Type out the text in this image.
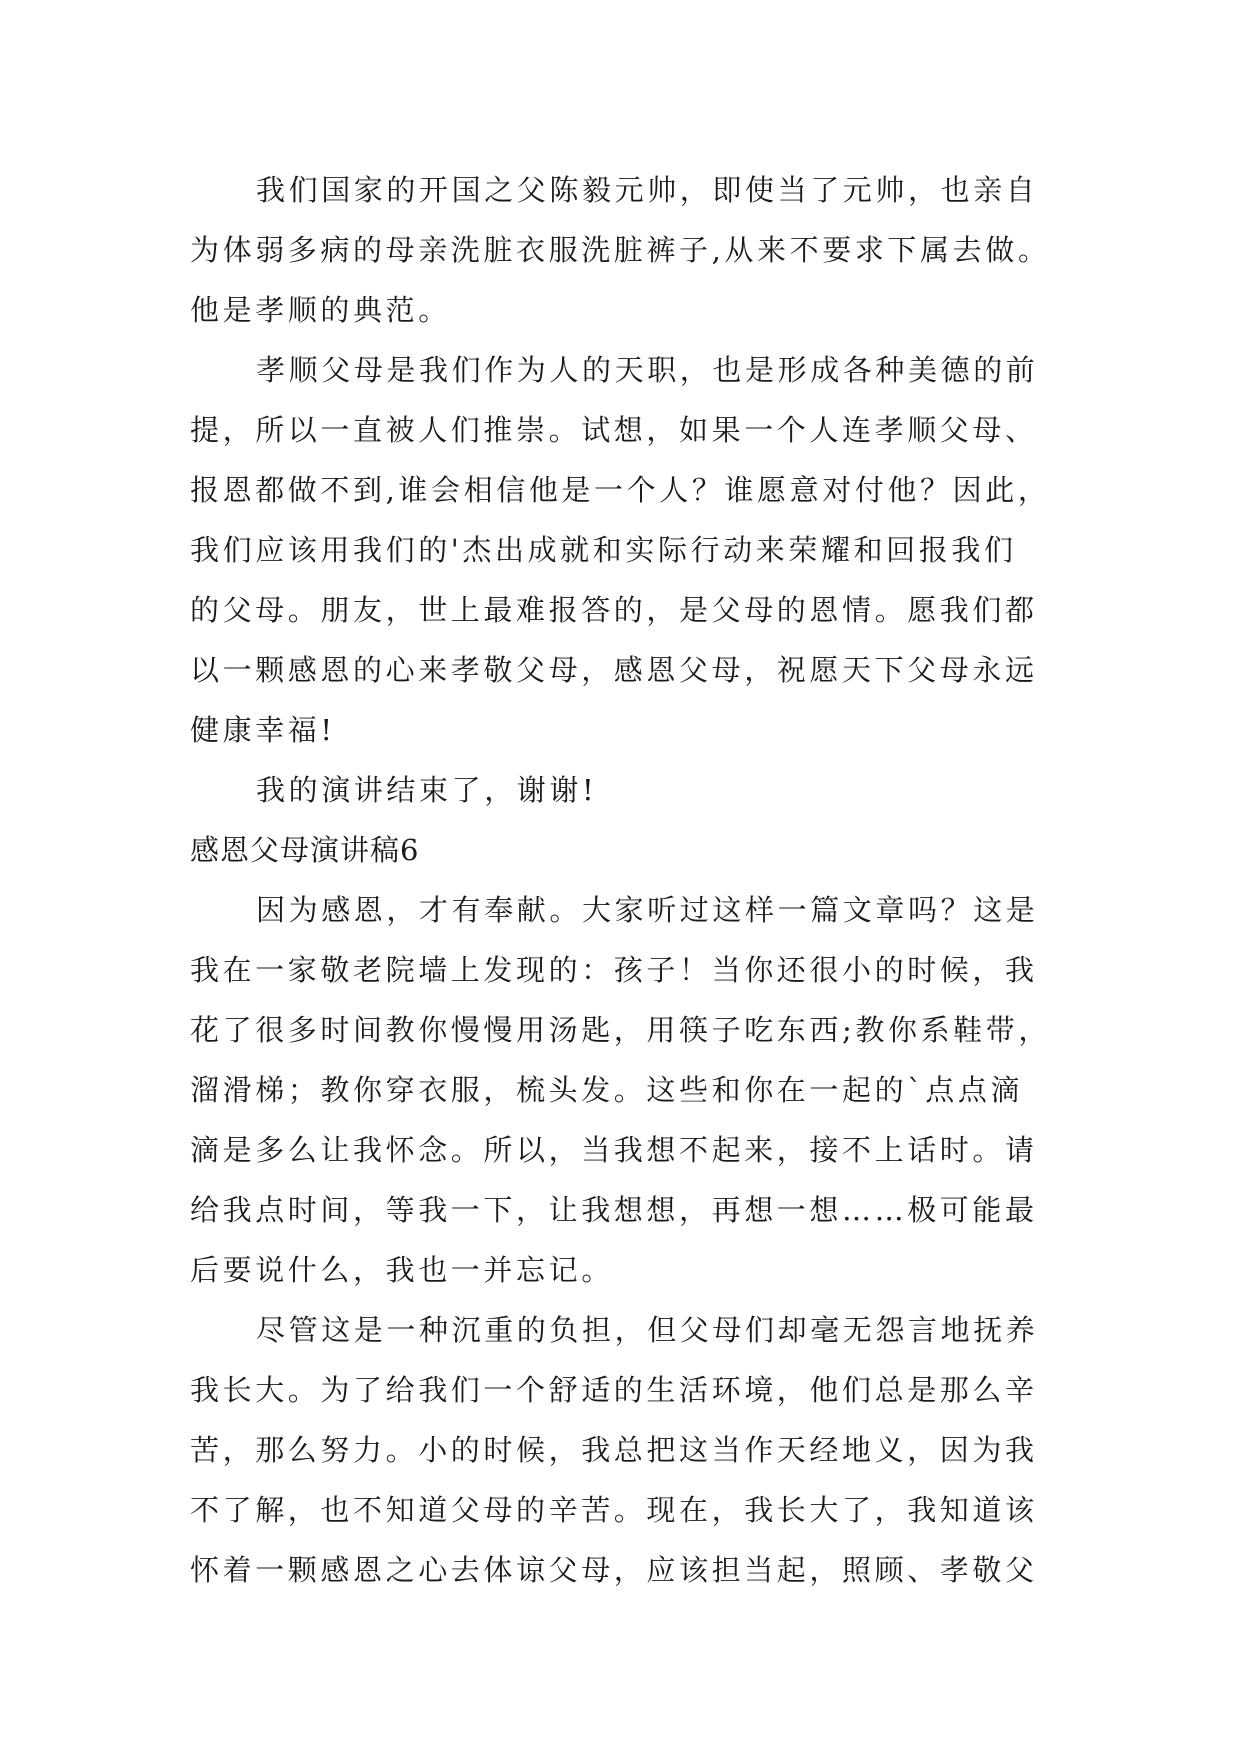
我们国家的开国之父陈毅元帅，即使当了元帅，也亲自
为体弱多病的母亲洗脏衣服洗脏裤子,从来不要求下属去做。
他是孝顺的典范。
孝顺父母是我们作为人的天职，也是形成各种美德的前
提，所以一直被人们推崇。试想，如果一个人连孝顺父母、
报恩都做不到,谁会相信他是一个人？谁愿意对付他？因此，
我们应该用我们的'杰出成就和实际行动来荣耀和回报我们
的父母。朋友，世上最难报答的，是父母的恩情。愿我们都
以一颗感恩的心来孝敬父母，感恩父母，祝愿天下父母永远
健康幸福!
我的演讲结束了，谢谢!
感恩父母演讲稿6
因为感恩，才有奉献。大家听过这样一篇文章吗？这是
我在一家敬老院墙上发现的：孩子！当你还很小的时候，我
花了很多时间教你慢慢用汤匙，用筷子吃东西;教你系鞋带，
溜滑梯；教你穿衣服，梳头发。这些和你在一起的`点点滴
滴是多么让我怀念。所以，当我想不起来，接不上话时。请
给我点时间，等我一下，让我想想，再想一想……极可能最
后要说什么，我也一并忘记。
尽管这是一种沉重的负担，但父母们却毫无怨言地抚养
我长大。为了给我们一个舒适的生活环境，他们总是那么辛
苦，那么努力。小的时候，我总把这当作天经地义，因为我
不了解，也不知道父母的辛苦。现在，我长大了，我知道该
怀着一颗感恩之心去体谅父母，应该担当起，照顾、孝敬父
